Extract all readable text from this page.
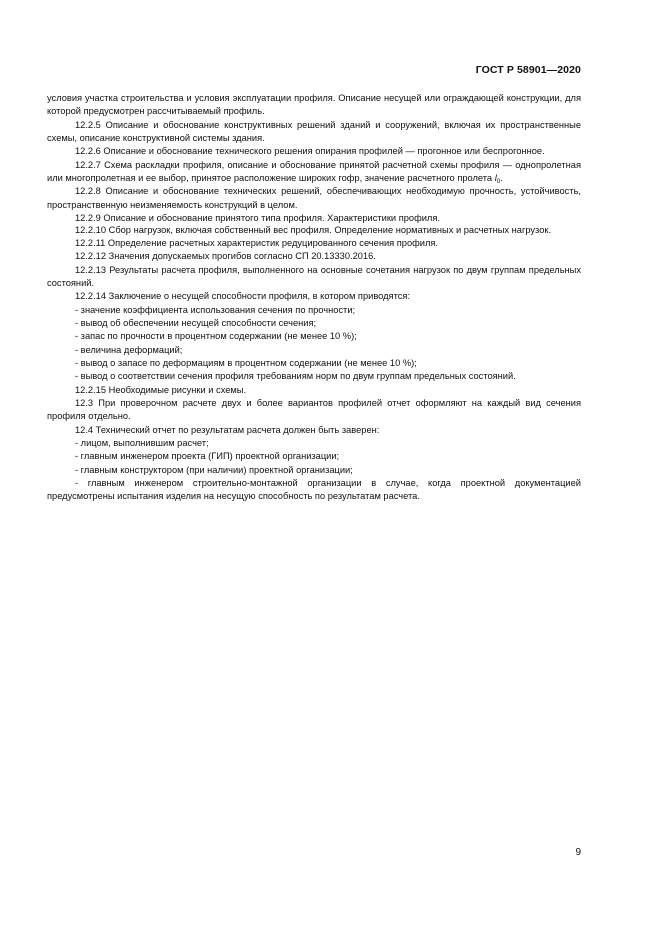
ГОСТ Р 58901—2020

условия участка строительства и условия эксплуатации профиля. Описание несущей или ограждающей конструкции, для которой предусмотрен рассчитываемый профиль.

12.2.5 Описание и обоснование конструктивных решений зданий и сооружений, включая их пространственные схемы, описание конструктивной системы здания.

12.2.6 Описание и обоснование технического решения опирания профилей — прогонное или беспрогонное.

12.2.7 Схема раскладки профиля, описание и обоснование принятой расчетной схемы профиля — однопролетная или многопролетная и ее выбор, принятое расположение широких гофр, значение расчетного пролета $l_0$.

12.2.8 Описание и обоснование технических решений, обеспечивающих необходимую прочность, устойчивость, пространственную неизменяемость конструкций в целом.

12.2.9 Описание и обоснование принятого типа профиля. Характеристики профиля.

12.2.10 Сбор нагрузок, включая собственный вес профиля. Определение нормативных и расчетных нагрузок.

12.2.11 Определение расчетных характеристик редуцированного сечения профиля.

12.2.12 Значения допускаемых прогибов согласно СП 20.13330.2016.

12.2.13 Результаты расчета профиля, выполненного на основные сочетания нагрузок по двум группам предельных состояний.

12.2.14 Заключение о несущей способности профиля, в котором приводятся:

- значение коэффициента использования сечения по прочности;

- вывод об обеспечении несущей способности сечения;

- запас по прочности в процентном содержании (не менее 10 %);

- величина деформаций;

- вывод о запасе по деформациям в процентном содержании (не менее 10 %);

- вывод о соответствии сечения профиля требованиям норм по двум группам предельных состояний.

12.2.15 Необходимые рисунки и схемы.

12.3 При проверочном расчете двух и более вариантов профилей отчет оформляют на каждый вид сечения профиля отдельно.

12.4 Технический отчет по результатам расчета должен быть заверен:

- лицом, выполнившим расчет;

- главным инженером проекта (ГИП) проектной организации;

- главным конструктором (при наличии) проектной организации;

- главным инженером строительно-монтажной организации в случае, когда проектной документацией предусмотрены испытания изделия на несущую способность по результатам расчета.

9
